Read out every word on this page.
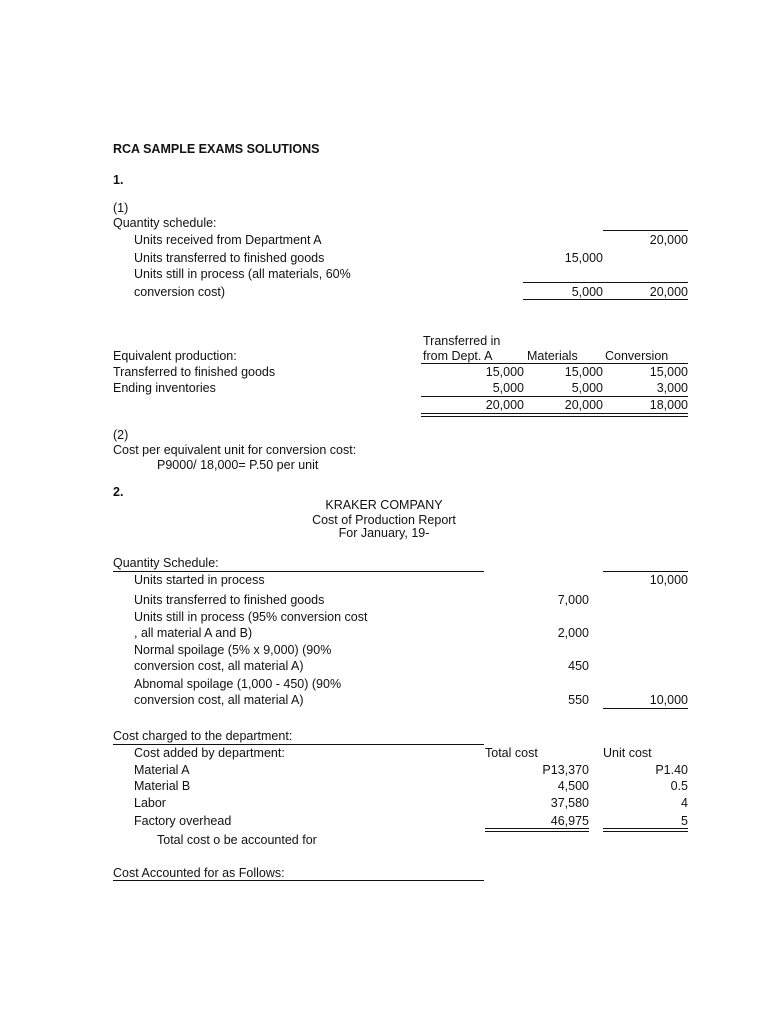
RCA SAMPLE EXAMS SOLUTIONS
1.
(1)
Quantity schedule:
Units received from Department A	20,000
Units transferred to finished goods	15,000
Units still in process (all materials, 60%
conversion cost)	5,000	20,000
Transferred in
from Dept. A	Materials Conversion
Equivalent production:
Transferred to finished goods	15,000	15,000	15,000
Ending inventories	5,000	5,000	3,000
20,000	20,000	18,000
(2)
Cost per equivalent unit for conversion cost:
P9000/ 18,000= P.50 per unit
2.
KRAKER COMPANY
Cost of Production Report
For January, 19-
Quantity Schedule:
Units started in process	10,000
Units transferred to finished goods	7,000
Units still in process (95% conversion cost
, all material A and B)	2,000
Normal spoilage (5% x 9,000) (90%
conversion cost, all material A)	450
Abnomal spoilage (1,000 - 450) (90%
conversion cost, all material A)	550	10,000
Cost charged to the department:
Cost added by department:	Total cost	Unit cost
Material A	P13,370	P1.40
Material B	4,500	0.5
Labor	37,580	4
Factory overhead	46,975	5
Total cost o be accounted for
Cost Accounted for as Follows:
